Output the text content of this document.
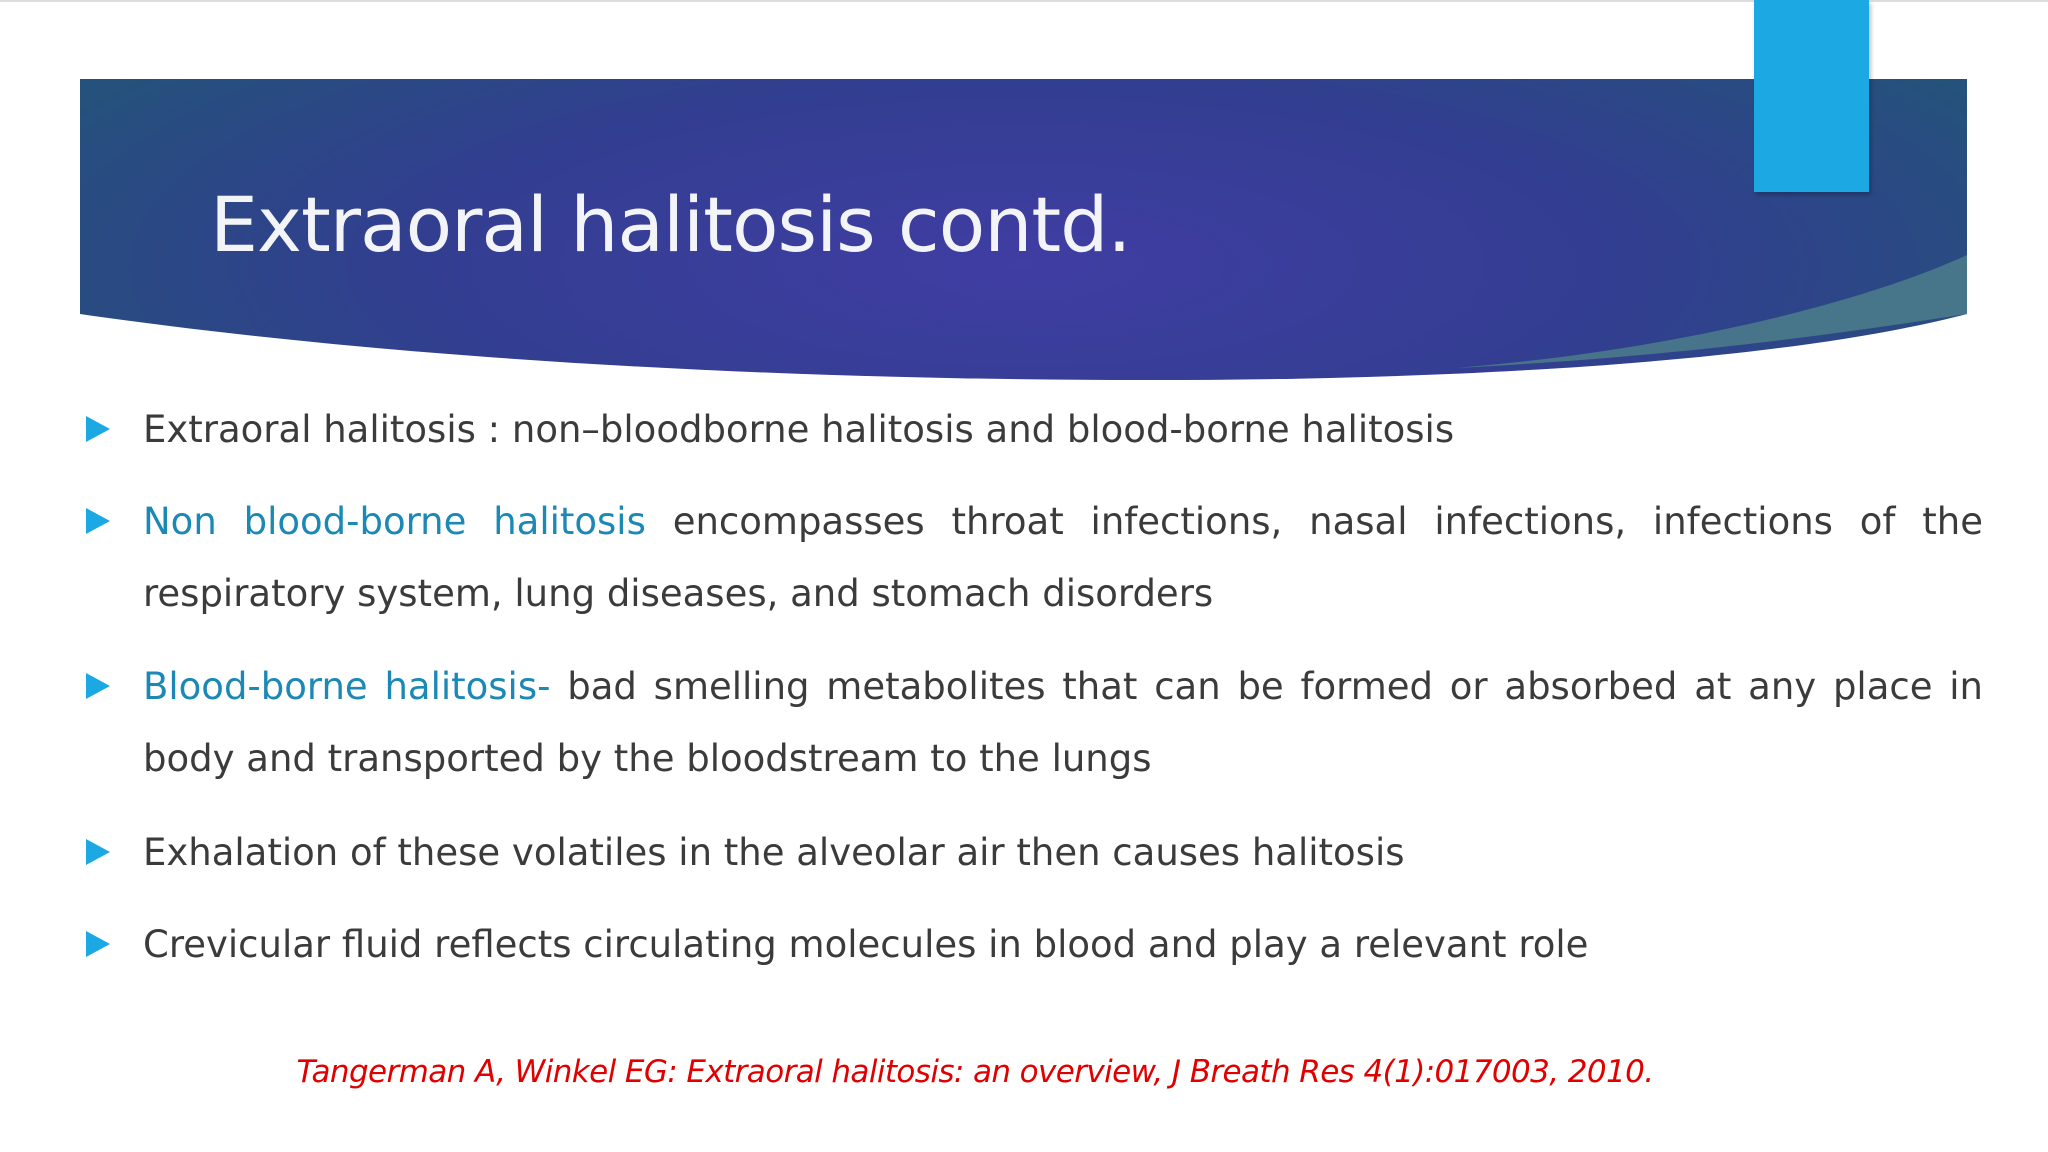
Extraoral halitosis contd.

Extraoral halitosis : non–bloodborne halitosis and blood-borne halitosis

Non blood-borne halitosis encompasses throat infections, nasal infections, infections of the respiratory system, lung diseases, and stomach disorders

Blood-borne halitosis- bad smelling metabolites that can be formed or absorbed at any place in body and transported by the bloodstream to the lungs

Exhalation of these volatiles in the alveolar air then causes halitosis

Crevicular fluid reflects circulating molecules in blood and play a relevant role

Tangerman A, Winkel EG: Extraoral halitosis: an overview, J Breath Res 4(1):017003, 2010.
